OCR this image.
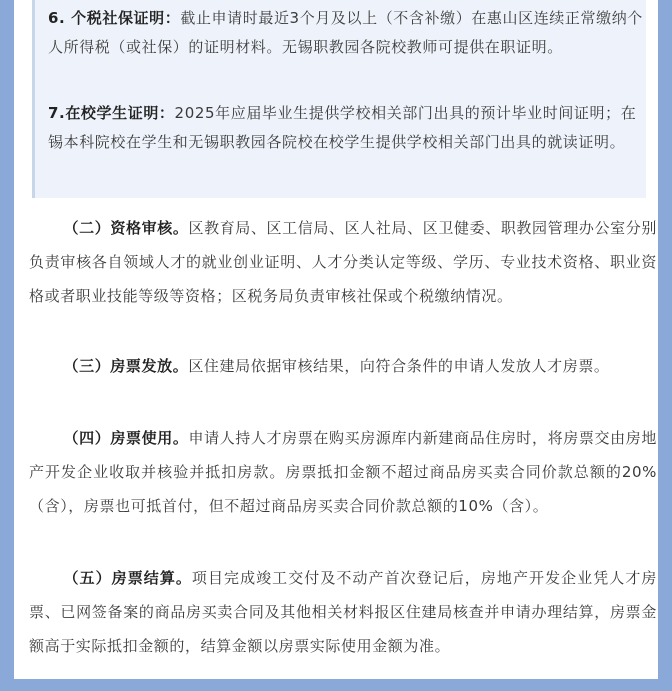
6. 个税社保证明：截止申请时最近3个月及以上（不含补缴）在惠山区连续正常缴纳个人所得税（或社保）的证明材料。无锡职教园各院校教师可提供在职证明。

7.在校学生证明：2025年应届毕业生提供学校相关部门出具的预计毕业时间证明；在锡本科院校在学生和无锡职教园各院校在校学生提供学校相关部门出具的就读证明。

（二）资格审核。区教育局、区工信局、区人社局、区卫健委、职教园管理办公室分别负责审核各自领域人才的就业创业证明、人才分类认定等级、学历、专业技术资格、职业资格或者职业技能等级等资格；区税务局负责审核社保或个税缴纳情况。

（三）房票发放。区住建局依据审核结果，向符合条件的申请人发放人才房票。

（四）房票使用。申请人持人才房票在购买房源库内新建商品住房时，将房票交由房地产开发企业收取并核验并抵扣房款。房票抵扣金额不超过商品房买卖合同价款总额的20%（含），房票也可抵首付，但不超过商品房买卖合同价款总额的10%（含）。

（五）房票结算。项目完成竣工交付及不动产首次登记后，房地产开发企业凭人才房票、已网签备案的商品房买卖合同及其他相关材料报区住建局核查并申请办理结算，房票金额高于实际抵扣金额的，结算金额以房票实际使用金额为准。
